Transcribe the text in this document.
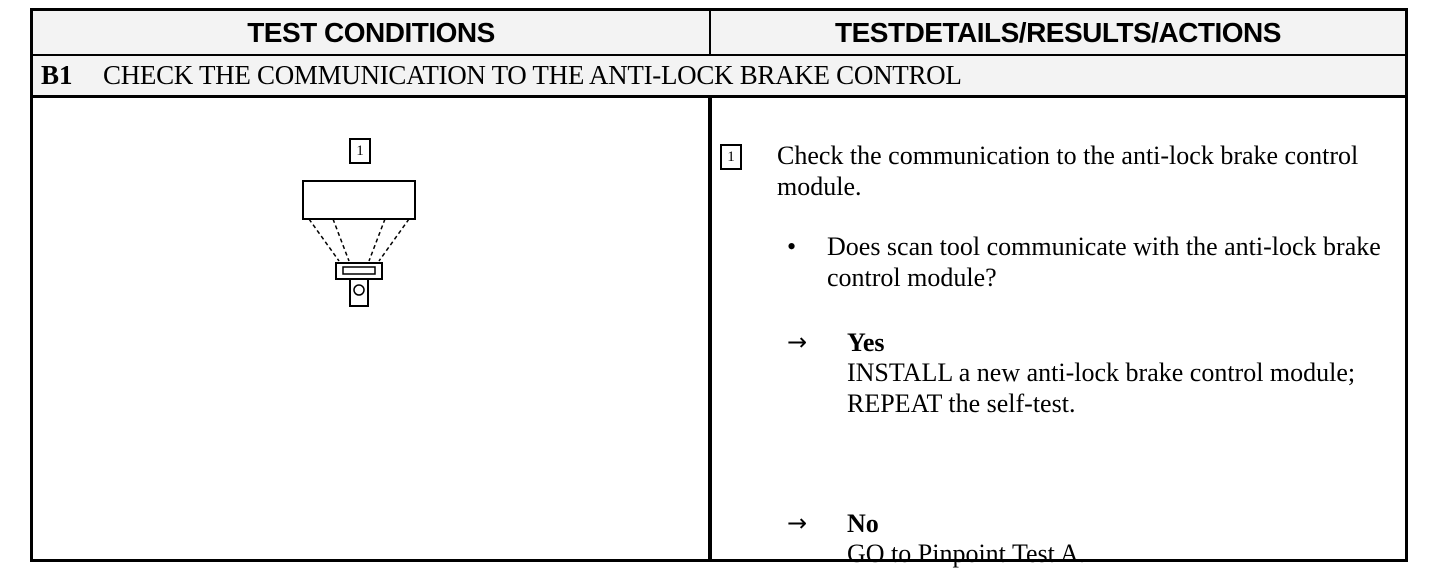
TEST CONDITIONS	TESTDETAILS/RESULTS/ACTIONS
B1	CHECK THE COMMUNICATION TO THE ANTI-LOCK BRAKE CONTROL
1	1 Check the communication to the anti-lock brake control module.
•	Does scan tool communicate with the anti-lock brake control module?
→ Yes
INSTALL a new anti-lock brake control module; REPEAT the self-test.
→ No
GO to Pinpoint Test A.
